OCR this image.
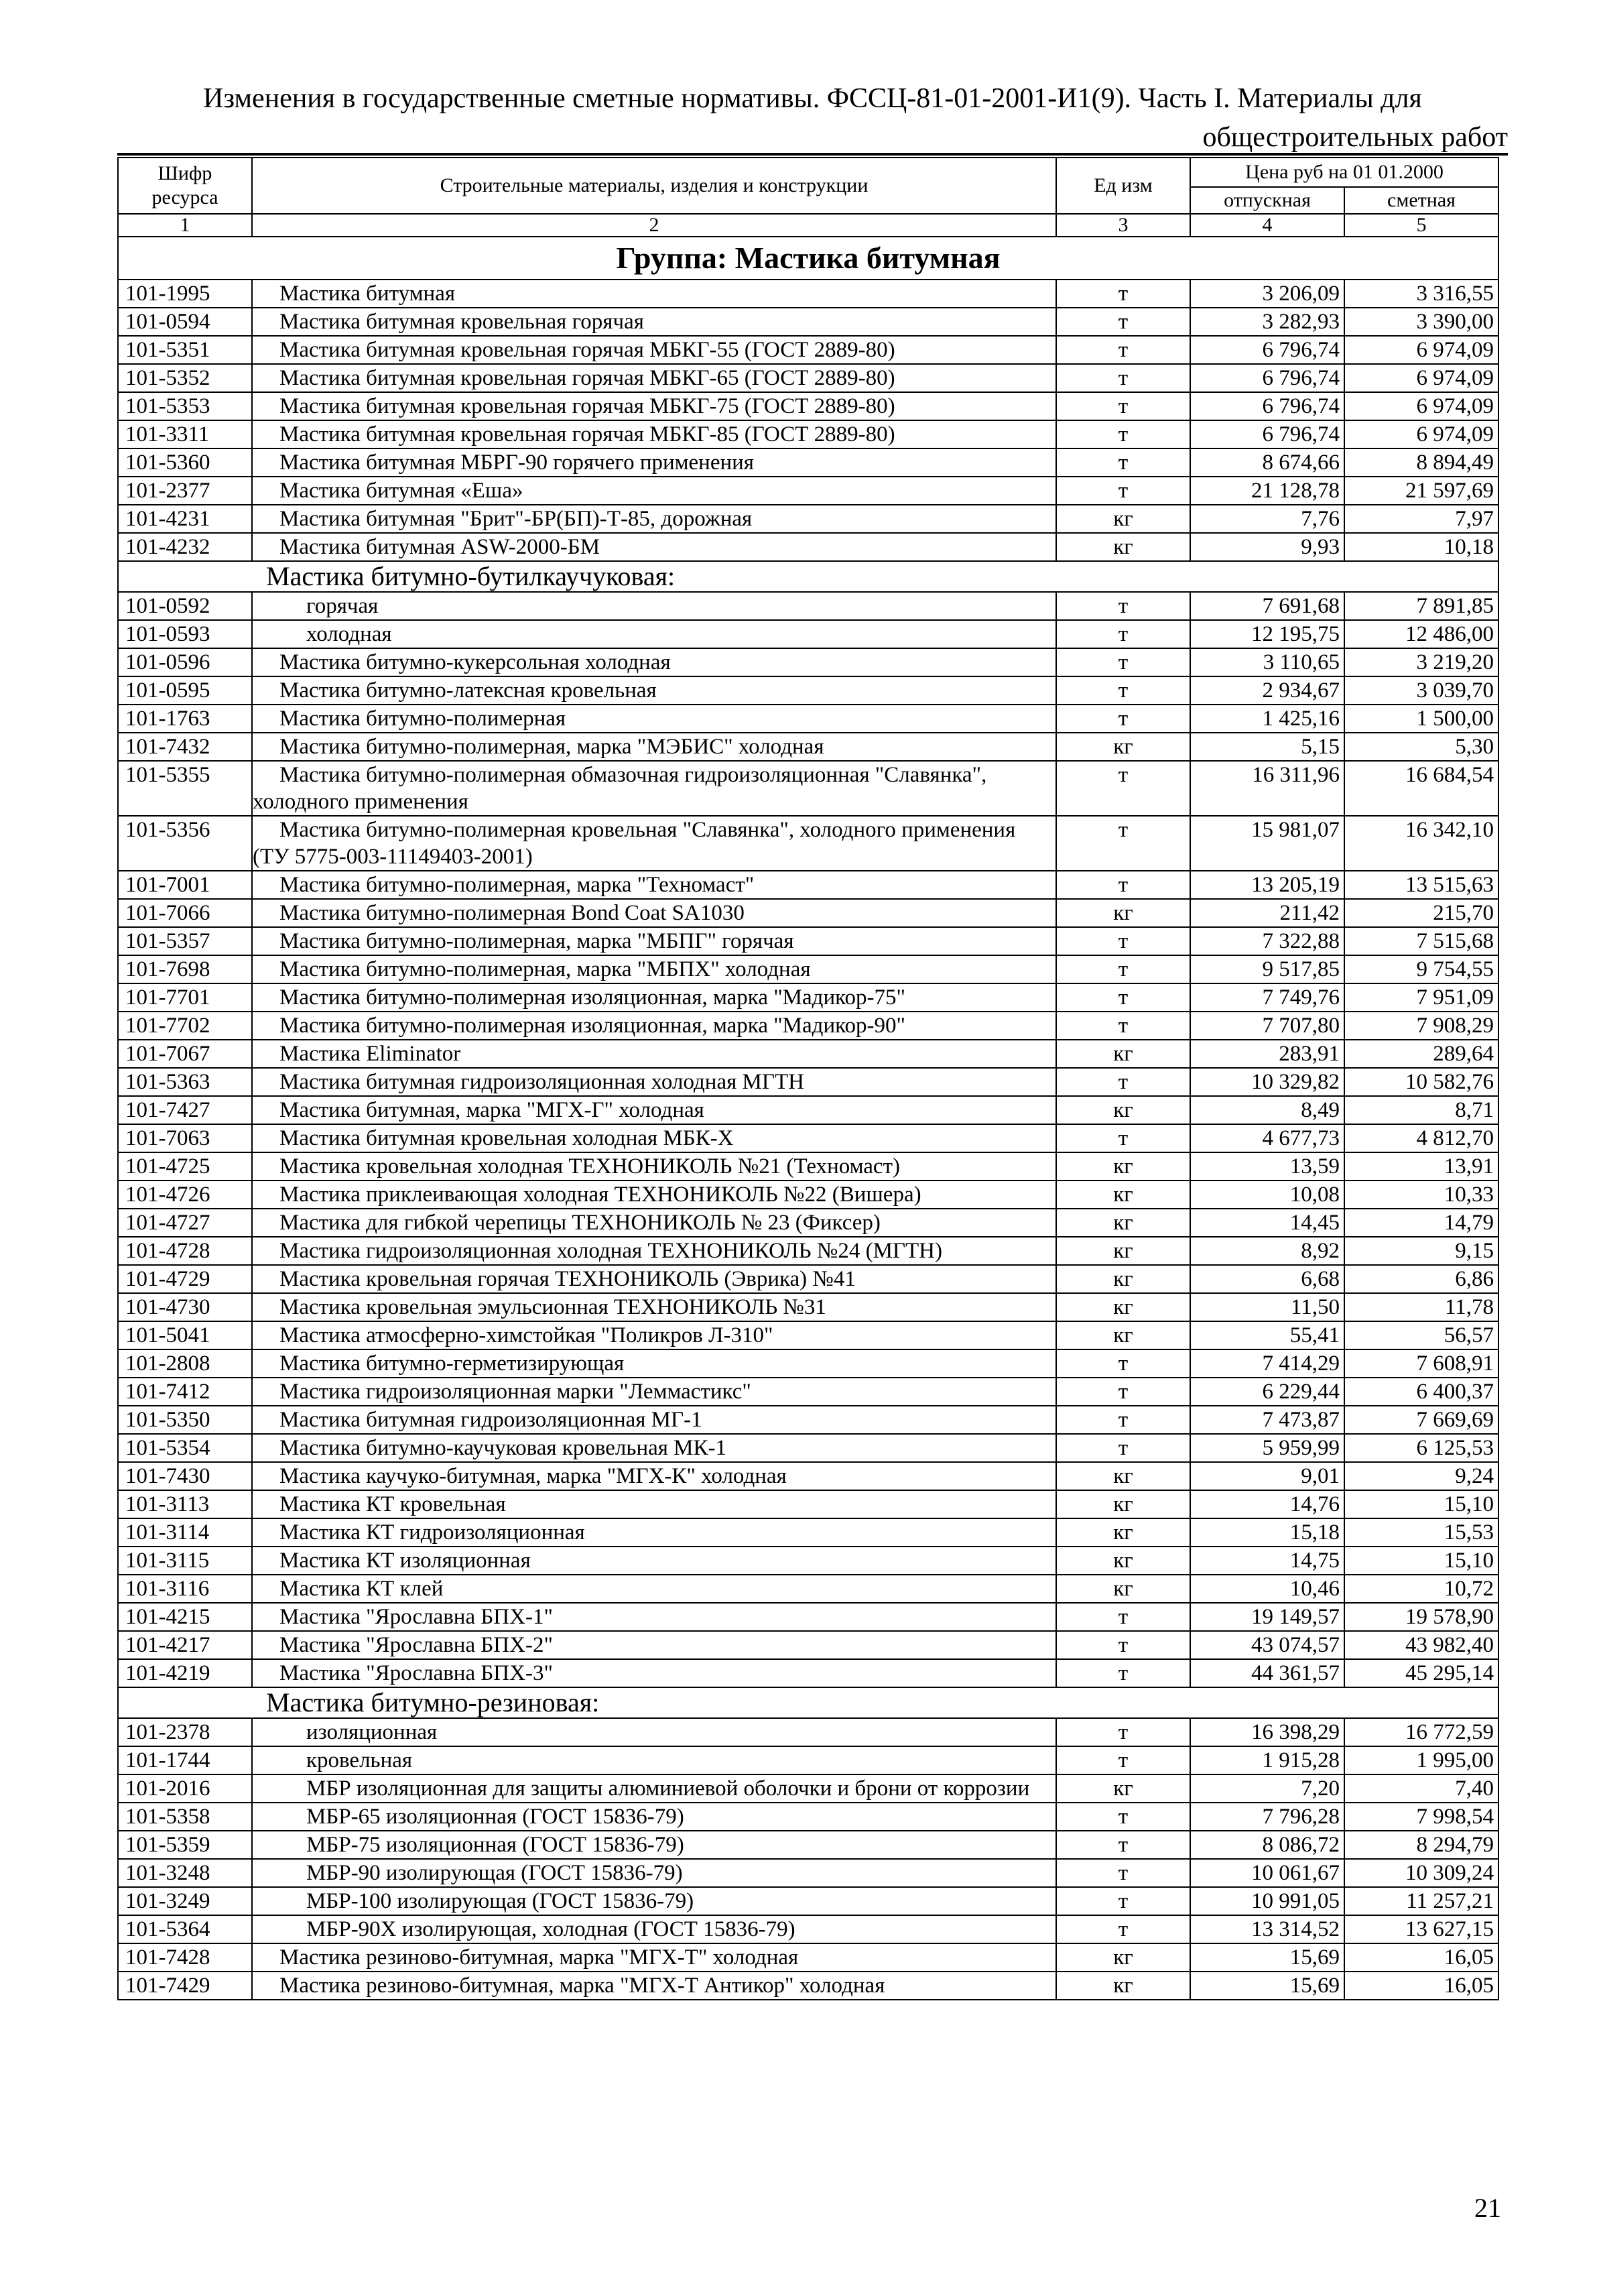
Изменения в государственные сметные нормативы. ФССЦ-81-01-2001-И1(9). Часть I. Материалы для
общестроительных работ
Шифр ресурса	Строительные материалы, изделия и конструкции	Ед изм	Цена руб на 01 01.2000	
			отпускная	сметная
1	2	3	4	5
Группа: Мастика битумная				
101-1995	Мастика битумная	т	3 206,09	3 316,55
101-0594	Мастика битумная кровельная горячая	т	3 282,93	3 390,00
101-5351	Мастика битумная кровельная горячая МБКГ-55 (ГОСТ 2889-80)	т	6 796,74	6 974,09
101-5352	Мастика битумная кровельная горячая МБКГ-65 (ГОСТ 2889-80)	т	6 796,74	6 974,09
101-5353	Мастика битумная кровельная горячая МБКГ-75 (ГОСТ 2889-80)	т	6 796,74	6 974,09
101-3311	Мастика битумная кровельная горячая МБКГ-85 (ГОСТ 2889-80)	т	6 796,74	6 974,09
101-5360	Мастика битумная МБРГ-90 горячего применения	т	8 674,66	8 894,49
101-2377	Мастика битумная «Еша»	т	21 128,78	21 597,69
101-4231	Мастика битумная "Брит"-БР(БП)-Т-85, дорожная	кг	7,76	7,97
101-4232	Мастика битумная ASW-2000-БМ	кг	9,93	10,18
Мастика битумно-бутилкаучуковая:				
101-0592	горячая	т	7 691,68	7 891,85
101-0593	холодная	т	12 195,75	12 486,00
101-0596	Мастика битумно-кукерсольная холодная	т	3 110,65	3 219,20
101-0595	Мастика битумно-латексная кровельная	т	2 934,67	3 039,70
101-1763	Мастика битумно-полимерная	т	1 425,16	1 500,00
101-7432	Мастика битумно-полимерная, марка "МЭБИС" холодная	кг	5,15	5,30
101-5355	Мастика битумно-полимерная обмазочная гидроизоляционная "Славянка", холодного применения	т	16 311,96	16 684,54
101-5356	Мастика битумно-полимерная кровельная "Славянка", холодного применения (ТУ 5775-003-11149403-2001)	т	15 981,07	16 342,10
101-7001	Мастика битумно-полимерная, марка "Техномаст"	т	13 205,19	13 515,63
101-7066	Мастика битумно-полимерная Bond Coat SA1030	кг	211,42	215,70
101-5357	Мастика битумно-полимерная, марка "МБПГ" горячая	т	7 322,88	7 515,68
101-7698	Мастика битумно-полимерная, марка "МБПХ" холодная	т	9 517,85	9 754,55
101-7701	Мастика битумно-полимерная изоляционная, марка "Мадикор-75"	т	7 749,76	7 951,09
101-7702	Мастика битумно-полимерная изоляционная, марка "Мадикор-90"	т	7 707,80	7 908,29
101-7067	Мастика Eliminator	кг	283,91	289,64
101-5363	Мастика битумная гидроизоляционная холодная МГТН	т	10 329,82	10 582,76
101-7427	Мастика битумная, марка "МГХ-Г" холодная	кг	8,49	8,71
101-7063	Мастика битумная кровельная холодная МБК-Х	т	4 677,73	4 812,70
101-4725	Мастика кровельная холодная ТЕХНОНИКОЛЬ №21 (Техномаст)	кг	13,59	13,91
101-4726	Мастика приклеивающая холодная ТЕХНОНИКОЛЬ №22 (Вишера)	кг	10,08	10,33
101-4727	Мастика для гибкой черепицы ТЕХНОНИКОЛЬ № 23 (Фиксер)	кг	14,45	14,79
101-4728	Мастика гидроизоляционная холодная ТЕХНОНИКОЛЬ №24 (МГТН)	кг	8,92	9,15
101-4729	Мастика кровельная горячая ТЕХНОНИКОЛЬ (Эврика) №41	кг	6,68	6,86
101-4730	Мастика кровельная эмульсионная ТЕХНОНИКОЛЬ №31	кг	11,50	11,78
101-5041	Мастика атмосферно-химстойкая "Поликров Л-310"	кг	55,41	56,57
101-2808	Мастика битумно-герметизирующая	т	7 414,29	7 608,91
101-7412	Мастика гидроизоляционная марки "Леммастикс"	т	6 229,44	6 400,37
101-5350	Мастика битумная гидроизоляционная МГ-1	т	7 473,87	7 669,69
101-5354	Мастика битумно-каучуковая кровельная МК-1	т	5 959,99	6 125,53
101-7430	Мастика каучуко-битумная, марка "МГХ-К" холодная	кг	9,01	9,24
101-3113	Мастика КТ кровельная	кг	14,76	15,10
101-3114	Мастика КТ гидроизоляционная	кг	15,18	15,53
101-3115	Мастика КТ изоляционная	кг	14,75	15,10
101-3116	Мастика КТ клей	кг	10,46	10,72
101-4215	Мастика "Ярославна БПХ-1"	т	19 149,57	19 578,90
101-4217	Мастика "Ярославна БПХ-2"	т	43 074,57	43 982,40
101-4219	Мастика "Ярославна БПХ-3"	т	44 361,57	45 295,14
Мастика битумно-резиновая:				
101-2378	изоляционная	т	16 398,29	16 772,59
101-1744	кровельная	т	1 915,28	1 995,00
101-2016	МБР изоляционная для защиты алюминиевой оболочки и брони от коррозии	кг	7,20	7,40
101-5358	МБР-65 изоляционная (ГОСТ 15836-79)	т	7 796,28	7 998,54
101-5359	МБР-75 изоляционная (ГОСТ 15836-79)	т	8 086,72	8 294,79
101-3248	МБР-90 изолирующая (ГОСТ 15836-79)	т	10 061,67	10 309,24
101-3249	МБР-100 изолирующая (ГОСТ 15836-79)	т	10 991,05	11 257,21
101-5364	МБР-90Х изолирующая, холодная (ГОСТ 15836-79)	т	13 314,52	13 627,15
101-7428	Мастика резиново-битумная, марка "МГХ-Т" холодная	кг	15,69	16,05
101-7429	Мастика резиново-битумная, марка "МГХ-Т Антикор" холодная	кг	15,69	16,05
21
